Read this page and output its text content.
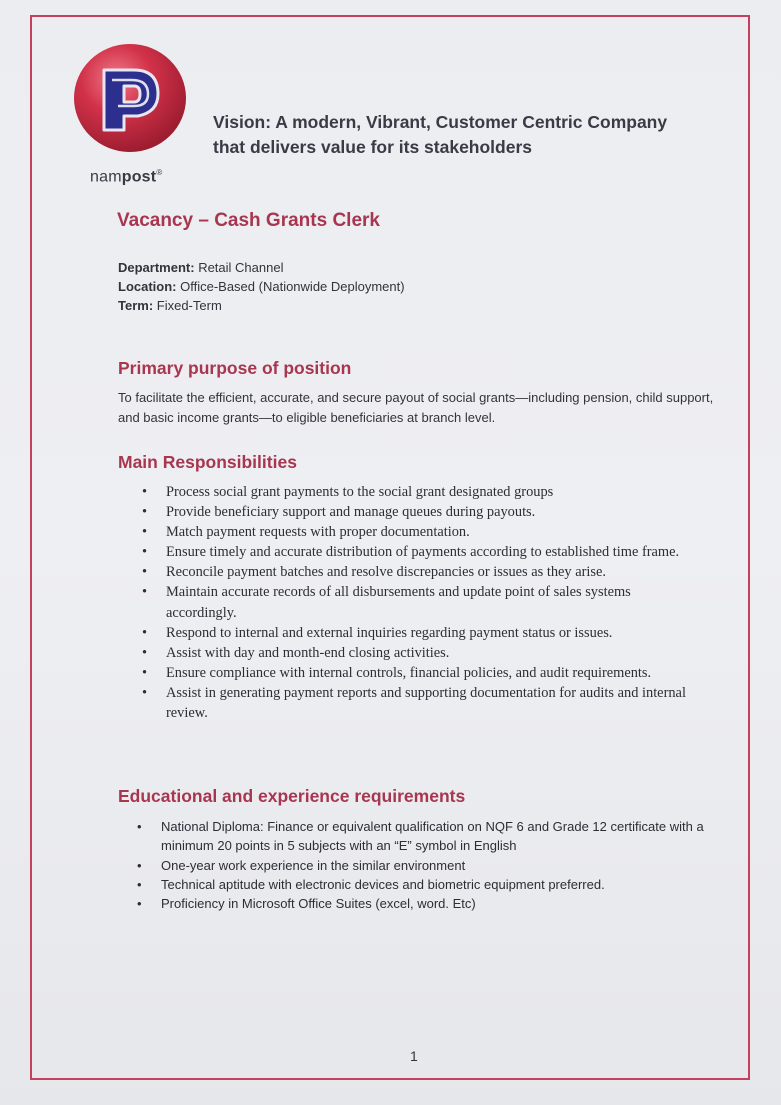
nampost®
Vision: A modern, Vibrant, Customer Centric Company
that delivers value for its stakeholders
Vacancy – Cash Grants Clerk
Department: Retail Channel
Location: Office-Based (Nationwide Deployment)
Term: Fixed-Term
Primary purpose of position
To facilitate the efficient, accurate, and secure payout of social grants—including pension, child support, and basic income grants—to eligible beneficiaries at branch level.
Main Responsibilities
• Process social grant payments to the social grant designated groups
• Provide beneficiary support and manage queues during payouts.
• Match payment requests with proper documentation.
• Ensure timely and accurate distribution of payments according to established time frame.
• Reconcile payment batches and resolve discrepancies or issues as they arise.
• Maintain accurate records of all disbursements and update point of sales systems accordingly.
• Respond to internal and external inquiries regarding payment status or issues.
• Assist with day and month-end closing activities.
• Ensure compliance with internal controls, financial policies, and audit requirements.
• Assist in generating payment reports and supporting documentation for audits and internal review.
Educational and experience requirements
• National Diploma: Finance or equivalent qualification on NQF 6 and Grade 12 certificate with a minimum 20 points in 5 subjects with an “E” symbol in English
• One-year work experience in the similar environment
• Technical aptitude with electronic devices and biometric equipment preferred.
• Proficiency in Microsoft Office Suites (excel, word. Etc)
1
